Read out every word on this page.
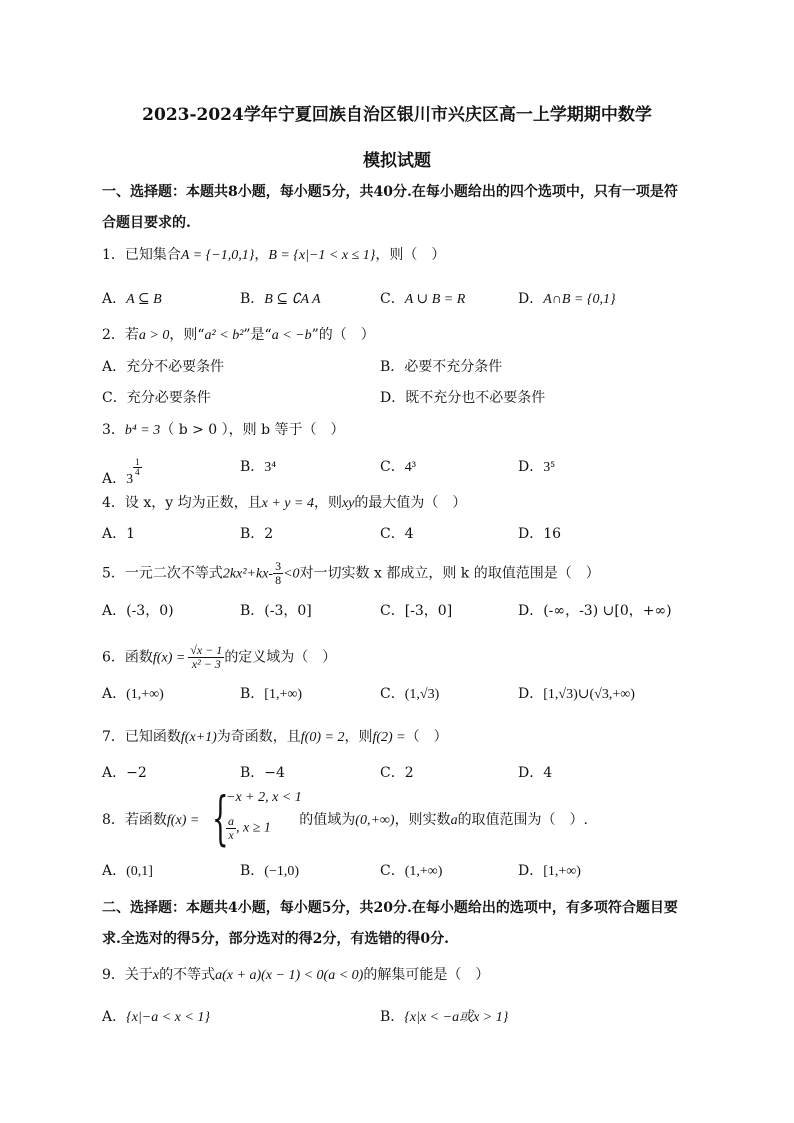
2023-2024学年宁夏回族自治区银川市兴庆区高一上学期期中数学
模拟试题
一、选择题：本题共8小题，每小题5分，共40分.在每小题给出的四个选项中，只有一项是符
合题目要求的.
1．已知集合A = {−1,0,1}，B = {x|−1 < x ≤ 1}，则（　）
A．A ⊆ B	B．B ⊆ ∁A A	C．A ∪ B = R	D．A∩B = {0,1}
2．若a > 0，则“a² < b²”是“a < −b”的（　）
A．充分不必要条件	B．必要不充分条件
C．充分必要条件	D．既不充分也不必要条件
3．b⁴ = 3（ b > 0 ），则 b 等于（　）
A．3
$\frac{1}{4}$	B．3⁴	C．4³	D．3⁵
4．设 x，y 均为正数，且x + y = 4，则xy的最大值为（　）
A．1	B．2	C．4	D．16
5．一元二次不等式$2kx^2+kx- \frac{3}{8} <0$对一切实数 x 都成立，则 k 的取值范围是（　）
A．(-3，0)	B．(-3，0]	C．[-3，0]	D．(-∞，-3) ∪[0，+∞)
6．函数$f(x) = \frac{√x - 1}{\text{x² − 3}}$ 的定义域为（　）
A．(1,+∞)	B．[1,+∞)	C．(1,√3)	D．[1,√3)∪(√3,+∞)
7．已知函数f(x+1)为奇函数，且f(0) = 2，则f(2) =（　）
A．−2	B．−4	C．2	D．4
8．若函数f(x) =	的值域为(0,+∞)，则实数a的取值范围为（　）.
{
−x + 2, x < 1
$\frac{a}{x}$ , x ≥ 1
A．(0,1]	B．(−1,0)	C．(1,+∞)	D．[1,+∞)
二、选择题：本题共4小题，每小题5分，共20分.在每小题给出的选项中，有多项符合题目要
求.全选对的得5分，部分选对的得2分，有选错的得0分.
9．关于x的不等式a(x + a)(x − 1) < 0(a < 0)的解集可能是（　）
A．{x|−a < x < 1}	B．{x|x < −a或x > 1}
